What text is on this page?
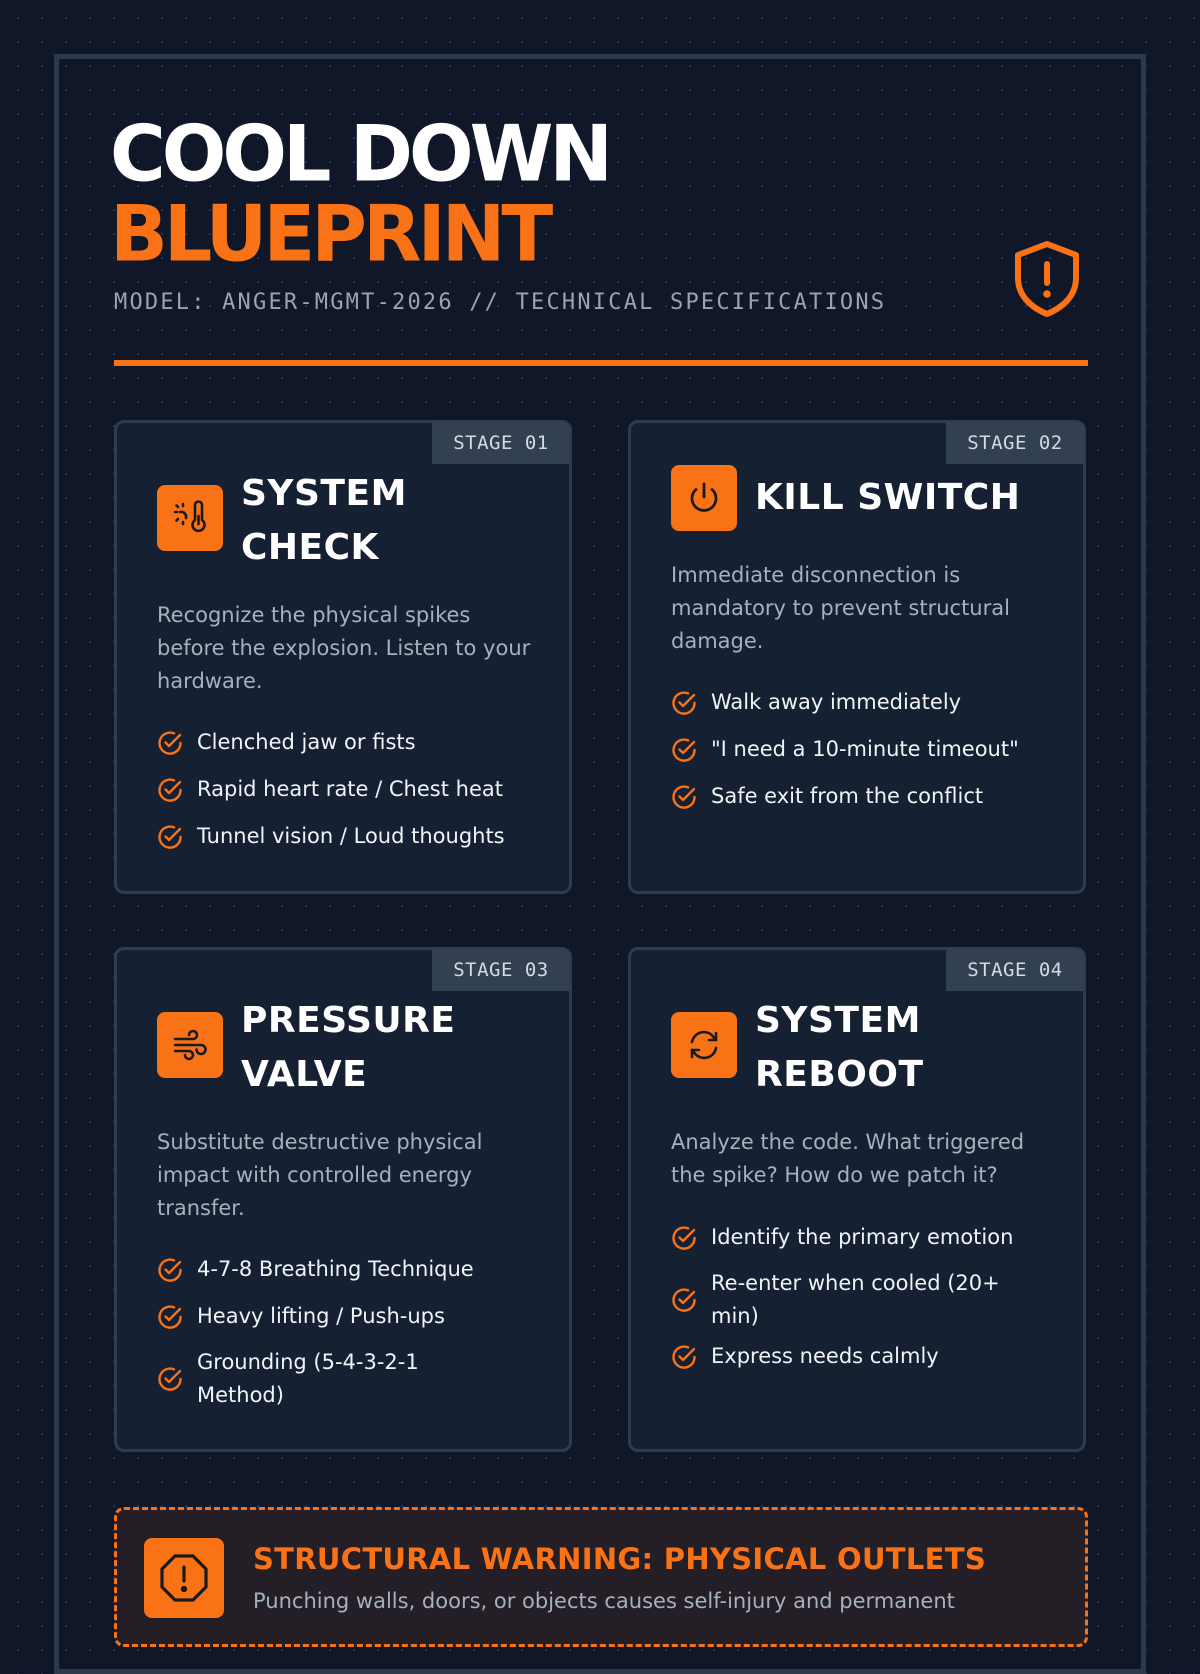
COOL DOWN
BLUEPRINT
MODEL: ANGER-MGMT-2026 // TECHNICAL SPECIFICATIONS
STAGE 01
SYSTEM CHECK
Recognize the physical spikes before the explosion. Listen to your hardware.
Clenched jaw or fists
Rapid heart rate / Chest heat
Tunnel vision / Loud thoughts
STAGE 02
KILL SWITCH
Immediate disconnection is mandatory to prevent structural damage.
Walk away immediately
"I need a 10-minute timeout"
Safe exit from the conflict
STAGE 03
PRESSURE VALVE
Substitute destructive physical impact with controlled energy transfer.
4-7-8 Breathing Technique
Heavy lifting / Push-ups
Grounding (5-4-3-2-1 Method)
STAGE 04
SYSTEM REBOOT
Analyze the code. What triggered the spike? How do we patch it?
Identify the primary emotion
Re-enter when cooled (20+ min)
Express needs calmly
STRUCTURAL WARNING: PHYSICAL OUTLETS
Punching walls, doors, or objects causes self-injury and permanent
